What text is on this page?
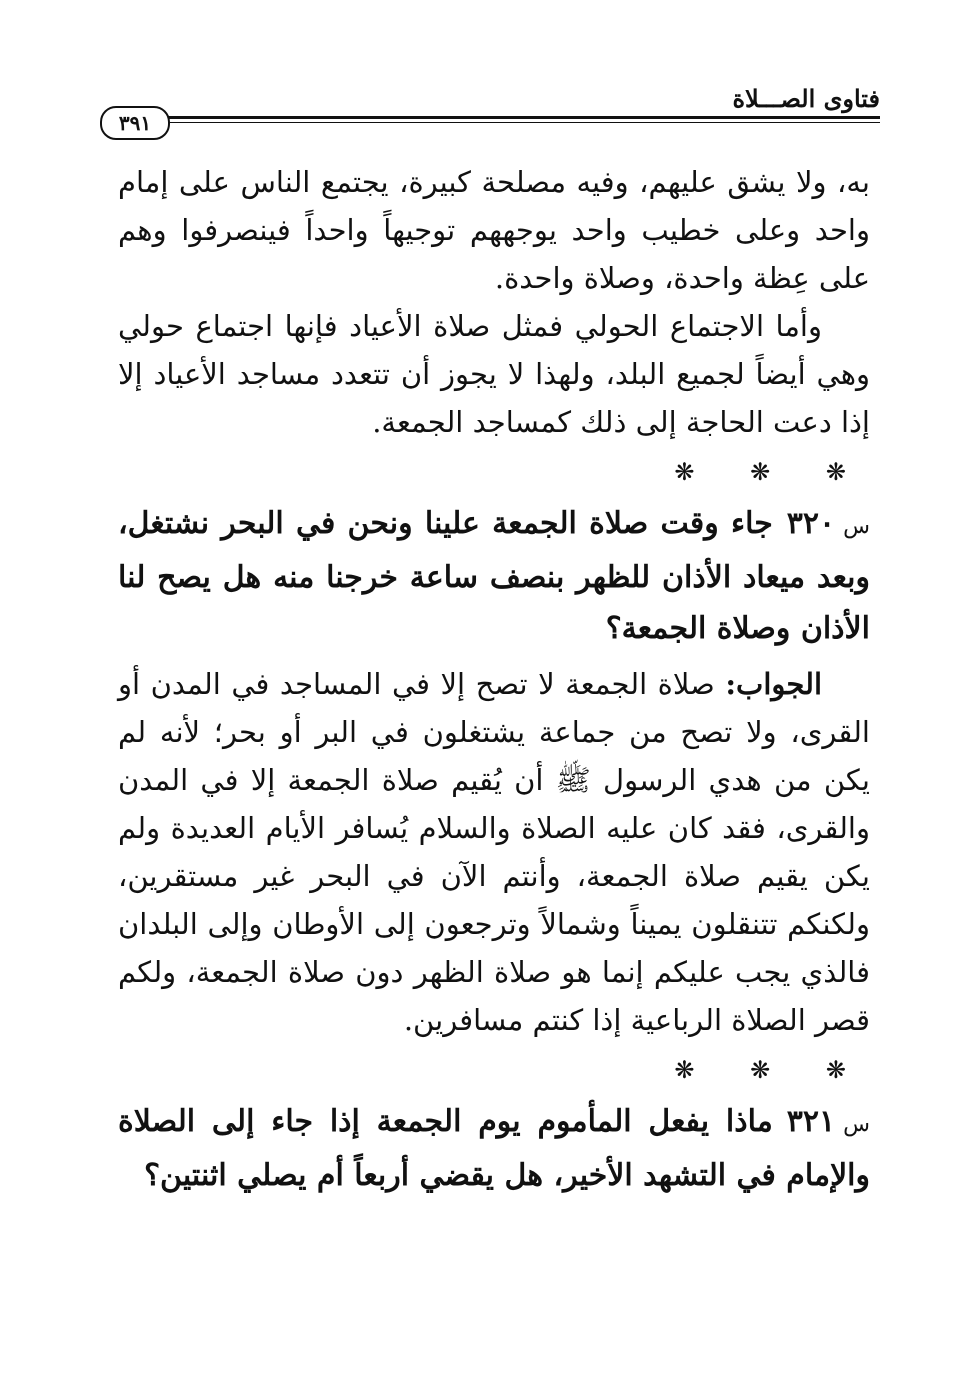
٣٩١
فتاوى الصـــلاة

به، ولا يشق عليهم، وفيه مصلحة كبيرة، يجتمع الناس على إمام واحد وعلى خطيب واحد يوجههم توجيهاً واحداً فينصرفوا وهم على عِظة واحدة، وصلاة واحدة.

وأما الاجتماع الحولي فمثل صلاة الأعياد فإنها اجتماع حولي وهي أيضاً لجميع البلد، ولهذا لا يجوز أن تتعدد مساجد الأعياد إلا إذا دعت الحاجة إلى ذلك كمساجد الجمعة.

❋ ❋ ❋

س٣٢٠جاء وقت صلاة الجمعة علينا ونحن في البحر نشتغل، وبعد ميعاد الأذان للظهر بنصف ساعة خرجنا منه هل يصح لنا الأذان وصلاة الجمعة؟

الجواب: صلاة الجمعة لا تصح إلا في المساجد في المدن أو القرى، ولا تصح من جماعة يشتغلون في البر أو بحر؛ لأنه لم يكن من هدي الرسول ﷺ أن يُقيم صلاة الجمعة إلا في المدن والقرى، فقد كان عليه الصلاة والسلام يُسافر الأيام العديدة ولم يكن يقيم صلاة الجمعة، وأنتم الآن في البحر غير مستقرين، ولكنكم تتنقلون يميناً وشمالاً وترجعون إلى الأوطان وإلى البلدان فالذي يجب عليكم إنما هو صلاة الظهر دون صلاة الجمعة، ولكم قصر الصلاة الرباعية إذا كنتم مسافرين.

❋ ❋ ❋

س٣٢١ماذا يفعل المأموم يوم الجمعة إذا جاء إلى الصلاة والإمام في التشهد الأخير، هل يقضي أربعاً أم يصلي اثنتين؟
